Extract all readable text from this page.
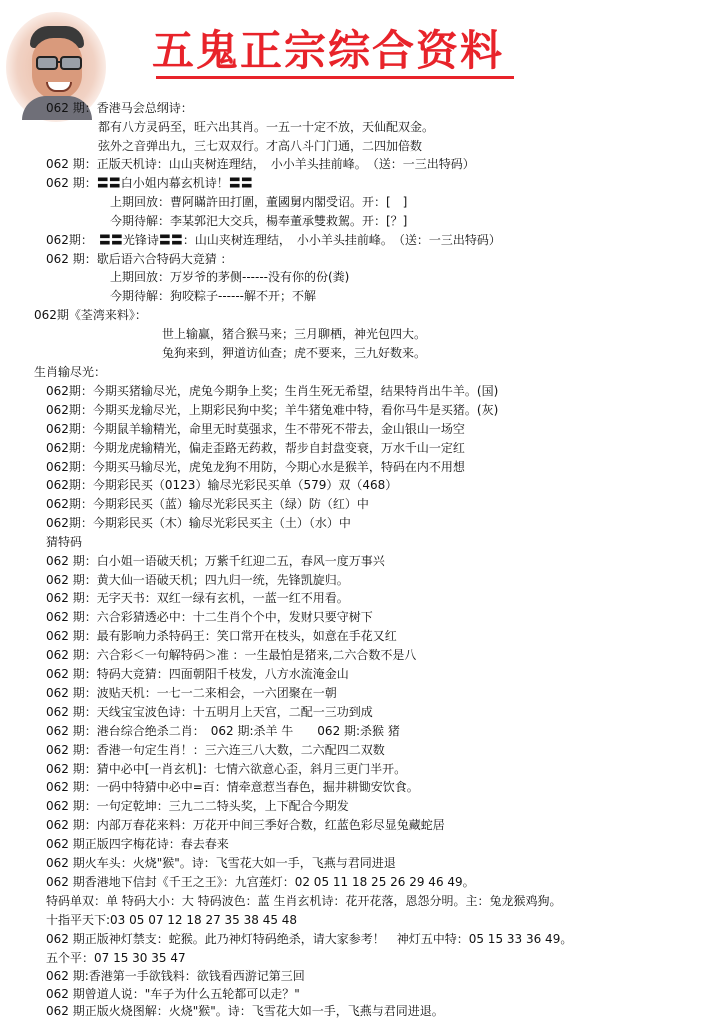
五鬼正宗综合资料
062 期：香港马会总纲诗：
都有八方灵码至，旺六出其肖。一五一十定不放，天仙配双金。
弦外之音弹出九，三七双双行。才高八斗门门通，二四加倍数
062 期：正版天机诗：山山夹树连理结，　小小羊头挂前峰。　（送：一三出特码）
062 期：〓〓白小姐内幕玄机诗！〓〓
上期回放：曹阿瞞許田打圍，董國舅内閣受诏。开：[　]
今期待解：李某郭汜大交兵，楊奉董承雙救駕。开：[？]
062期：　〓〓光锋诗〓〓：山山夹树连理结，　小小羊头挂前峰。　（送：一三出特码）
062 期：歇后语六合特码大竞猜 ：
上期回放：万岁爷的茅侧------没有你的份(粪)
今期待解：狗咬粽子------解不开；不解
062期《荃湾来料》：
世上输赢，猪合猴马来；三月聊栖，神光包四大。
兔狗来到，狎道访仙查；虎不要来，三九好数来。
生肖输尽光：
062期：今期买猪输尽光，虎兔今期争上奖；生肖生死无希望，结果特肖出牛羊。(国)
062期：今期买龙输尽光，上期彩民狗中奖；羊牛猪兔难中特，看你马牛是买猪。(灰)
062期：今期鼠羊输精光，命里无时莫强求，生不带死不带去，金山银山一场空
062期：今期龙虎输精光，偏走歪路无药救，帮步自封盘变衰，万水千山一定红
062期：今期买马输尽光，虎兔龙狗不用防，今期心水是猴羊，特码在内不用想
062期：今期彩民买（0123）输尽光彩民买单（579）双（468）
062期：今期彩民买（蓝）输尽光彩民买主（绿）防（红）中
062期：今期彩民买（木）输尽光彩民买主（土）（水）中
猜特码
062 期：白小姐一语破天机；万紫千红迎二五，春风一度万事兴
062 期：黄大仙一语破天机；四九归一统，先锋凯旋归。
062 期：无字天书：双红一绿有玄机，一蓝一红不用看。
062 期：六合彩猜透必中：十二生肖个个中，发财只要守树下
062 期：最有影响力杀特码王：笑口常开在枝头，如意在手花又红
062 期：六合彩＜一句解特码＞准 ：一生最怕是猪来,二六合数不是八
062 期：特码大竞猜：四面朝阳千枝发，八方水流淹金山
062 期：波贴天机：一七一二来相会，一六团聚在一朝
062 期：天线宝宝波色诗：十五明月上天宫，二配一三功到成
062 期：港台综合绝杀二肖：　062 期:杀羊 牛　　062 期:杀猴 猪
062 期：香港一句定生肖！：三六连三八大数，二六配四二双数
062 期：猜中必中[一肖玄机]：七情六欲意心歪，斜月三更门半开。
062 期：一码中特猜中必中=百：情牵意惹当春色，掘井耕锄安饮食。
062 期：一句定乾坤：三九二二特头奖，上下配合今期发
062 期：内部万春花来料：万花开中间三季好合数，红蓝色彩尽显兔藏蛇居
062 期正版四字梅花诗：春去春来
062 期火车头：火烧"猴"。诗：飞雪花大如一手，飞燕与君同进退
062 期香港地下信封《千王之王》：九宫莲灯：02 05 11 18 25 26 29 46 49。
特码单双：单 特码大小：大 特码波色：蓝 生肖玄机诗：花开花落，恩怨分明。主：兔龙猴鸡狗。
十指平天下:03 05 07 12 18 27 35 38 45 48
062 期正版神灯禁支：蛇猴。此乃神灯特码绝杀，请大家参考！　神灯五中特：05 15 33 36 49。
五个平：07 15 30 35 47
062 期:香港第一手欲钱料：欲钱看西游记第三回
062 期曾道人说："车子为什么五轮都可以走？"
062 期正版火烧图解：火烧"猴"。诗：飞雪花大如一手，飞燕与君同进退。
